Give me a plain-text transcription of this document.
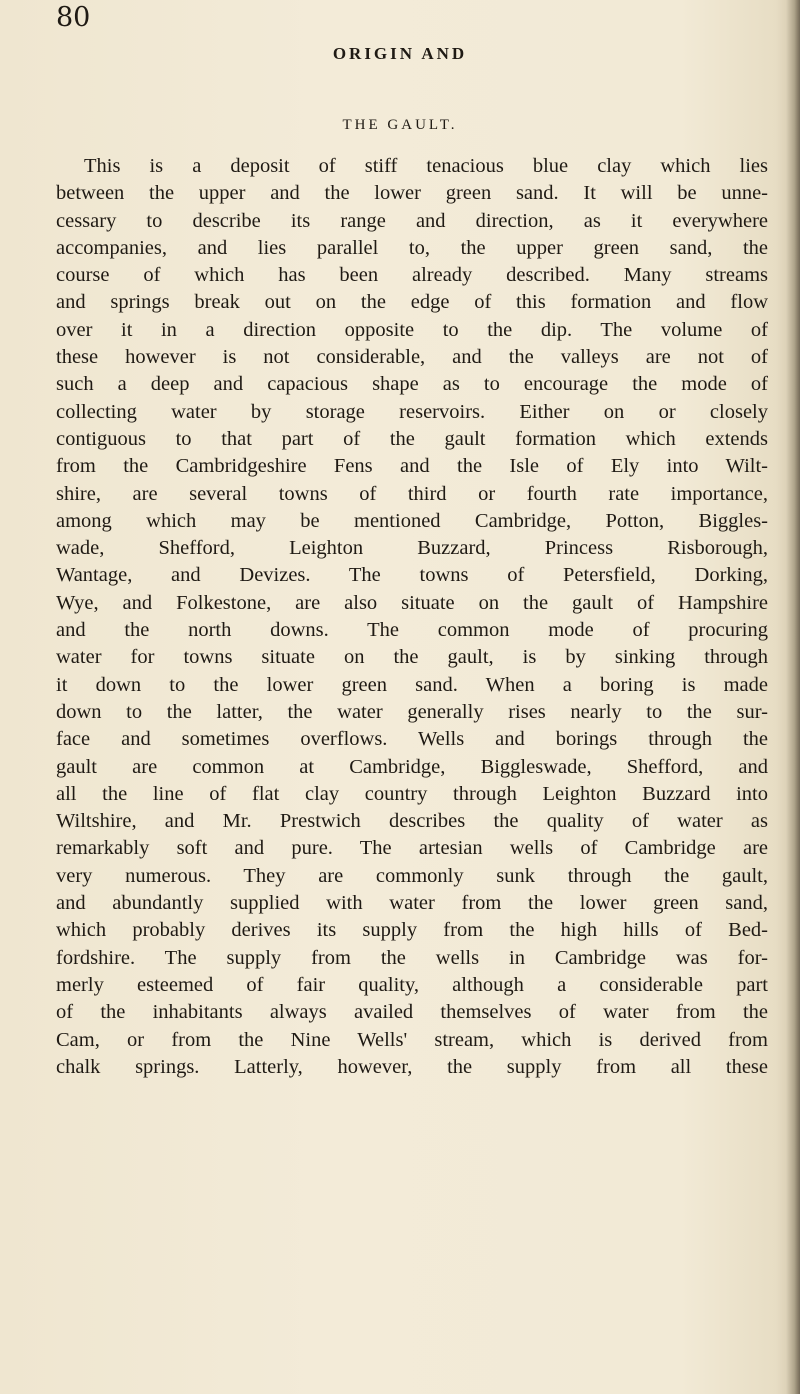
80
ORIGIN AND
THE GAULT.
This is a deposit of stiff tenacious blue clay which lies
between the upper and the lower green sand. It will be unne-
cessary to describe its range and direction, as it everywhere
accompanies, and lies parallel to, the upper green sand, the
course of which has been already described. Many streams
and springs break out on the edge of this formation and flow
over it in a direction opposite to the dip. The volume of
these however is not considerable, and the valleys are not of
such a deep and capacious shape as to encourage the mode of
collecting water by storage reservoirs. Either on or closely
contiguous to that part of the gault formation which extends
from the Cambridgeshire Fens and the Isle of Ely into Wilt-
shire, are several towns of third or fourth rate importance,
among which may be mentioned Cambridge, Potton, Biggles-
wade, Shefford, Leighton Buzzard, Princess Risborough,
Wantage, and Devizes. The towns of Petersfield, Dorking,
Wye, and Folkestone, are also situate on the gault of Hampshire
and the north downs. The common mode of procuring
water for towns situate on the gault, is by sinking through
it down to the lower green sand. When a boring is made
down to the latter, the water generally rises nearly to the sur-
face and sometimes overflows. Wells and borings through the
gault are common at Cambridge, Biggleswade, Shefford, and
all the line of flat clay country through Leighton Buzzard into
Wiltshire, and Mr. Prestwich describes the quality of water as
remarkably soft and pure. The artesian wells of Cambridge are
very numerous. They are commonly sunk through the gault,
and abundantly supplied with water from the lower green sand,
which probably derives its supply from the high hills of Bed-
fordshire. The supply from the wells in Cambridge was for-
merly esteemed of fair quality, although a considerable part
of the inhabitants always availed themselves of water from the
Cam, or from the Nine Wells' stream, which is derived from
chalk springs. Latterly, however, the supply from all these
